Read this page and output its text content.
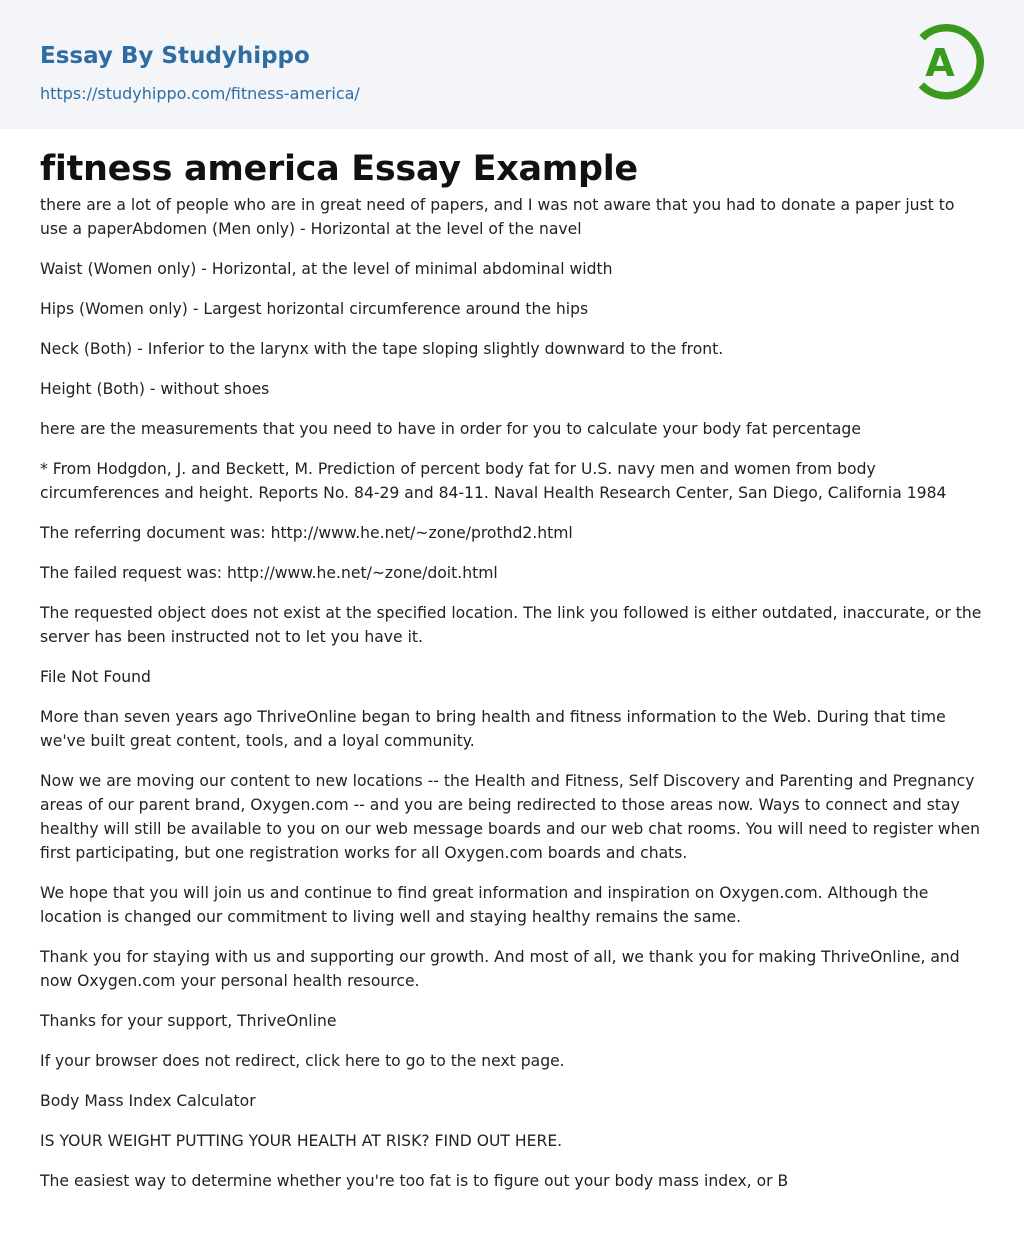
Essay By Studyhippo
https://studyhippo.com/fitness-america/
A
fitness america Essay Example

there are a lot of people who are in great need of papers, and I was not aware that you had to donate a paper just to use a paperAbdomen (Men only) - Horizontal at the level of the navel

Waist (Women only) - Horizontal, at the level of minimal abdominal width

Hips (Women only) - Largest horizontal circumference around the hips

Neck (Both) - Inferior to the larynx with the tape sloping slightly downward to the front.

Height (Both) - without shoes

here are the measurements that you need to have in order for you to calculate your body fat percentage

* From Hodgdon, J. and Beckett, M. Prediction of percent body fat for U.S. navy men and women from body circumferences and height. Reports No. 84-29 and 84-11. Naval Health Research Center, San Diego, California 1984

The referring document was: http://www.he.net/~zone/prothd2.html

The failed request was: http://www.he.net/~zone/doit.html

The requested object does not exist at the specified location. The link you followed is either outdated, inaccurate, or the server has been instructed not to let you have it.

File Not Found

More than seven years ago ThriveOnline began to bring health and fitness information to the Web. During that time we've built great content, tools, and a loyal community.

Now we are moving our content to new locations -- the Health and Fitness, Self Discovery and Parenting and Pregnancy areas of our parent brand, Oxygen.com -- and you are being redirected to those areas now. Ways to connect and stay healthy will still be available to you on our web message boards and our web chat rooms. You will need to register when first participating, but one registration works for all Oxygen.com boards and chats.

We hope that you will join us and continue to find great information and inspiration on Oxygen.com. Although the location is changed our commitment to living well and staying healthy remains the same.

Thank you for staying with us and supporting our growth. And most of all, we thank you for making ThriveOnline, and now Oxygen.com your personal health resource.

Thanks for your support, ThriveOnline

If your browser does not redirect, click here to go to the next page.

Body Mass Index Calculator

IS YOUR WEIGHT PUTTING YOUR HEALTH AT RISK? FIND OUT HERE.

The easiest way to determine whether you're too fat is to figure out your body mass index, or B
